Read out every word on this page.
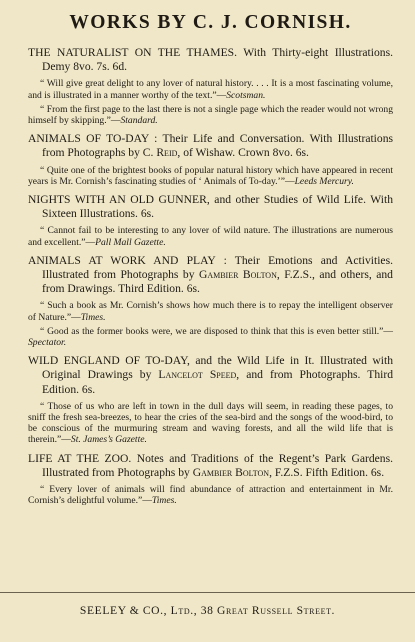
WORKS BY C. J. CORNISH.

THE NATURALIST ON THE THAMES. With Thirty-eight Illustrations. Demy 8vo. 7s. 6d.

“ Will give great delight to any lover of natural history. . . . It is a most fascinating volume, and is illustrated in a manner worthy of the text.”—Scotsman.

“ From the first page to the last there is not a single page which the reader would not wrong himself by skipping.”—Standard.

ANIMALS OF TO-DAY : Their Life and Conversation. With Illustrations from Photographs by C. Reid, of Wishaw. Crown 8vo. 6s.

“ Quite one of the brightest books of popular natural history which have appeared in recent years is Mr. Cornish’s fascinating studies of ‘ Animals of To-day.’”—Leeds Mercury.

NIGHTS WITH AN OLD GUNNER, and other Studies of Wild Life. With Sixteen Illustrations. 6s.

“ Cannot fail to be interesting to any lover of wild nature. The illustrations are numerous and excellent.”—Pall Mall Gazette.

ANIMALS AT WORK AND PLAY : Their Emotions and Activities. Illustrated from Photographs by Gambier Bolton, F.Z.S., and others, and from Drawings. Third Edition. 6s.

“ Such a book as Mr. Cornish’s shows how much there is to repay the intelligent observer of Nature.”—Times.

“ Good as the former books were, we are disposed to think that this is even better still.”—Spectator.

WILD ENGLAND OF TO-DAY, and the Wild Life in It. Illustrated with Original Drawings by Lancelot Speed, and from Photographs. Third Edition. 6s.

“ Those of us who are left in town in the dull days will seem, in reading these pages, to sniff the fresh sea-breezes, to hear the cries of the sea-bird and the songs of the wood-bird, to be conscious of the murmuring stream and waving forests, and all the wild life that is therein.”—St. James’s Gazette.

LIFE AT THE ZOO. Notes and Traditions of the Regent’s Park Gardens. Illustrated from Photographs by Gambier Bolton, F.Z.S. Fifth Edition. 6s.

“ Every lover of animals will find abundance of attraction and entertainment in Mr. Cornish’s delightful volume.”—Times.

SEELEY & CO., Ltd., 38 Great Russell Street.
